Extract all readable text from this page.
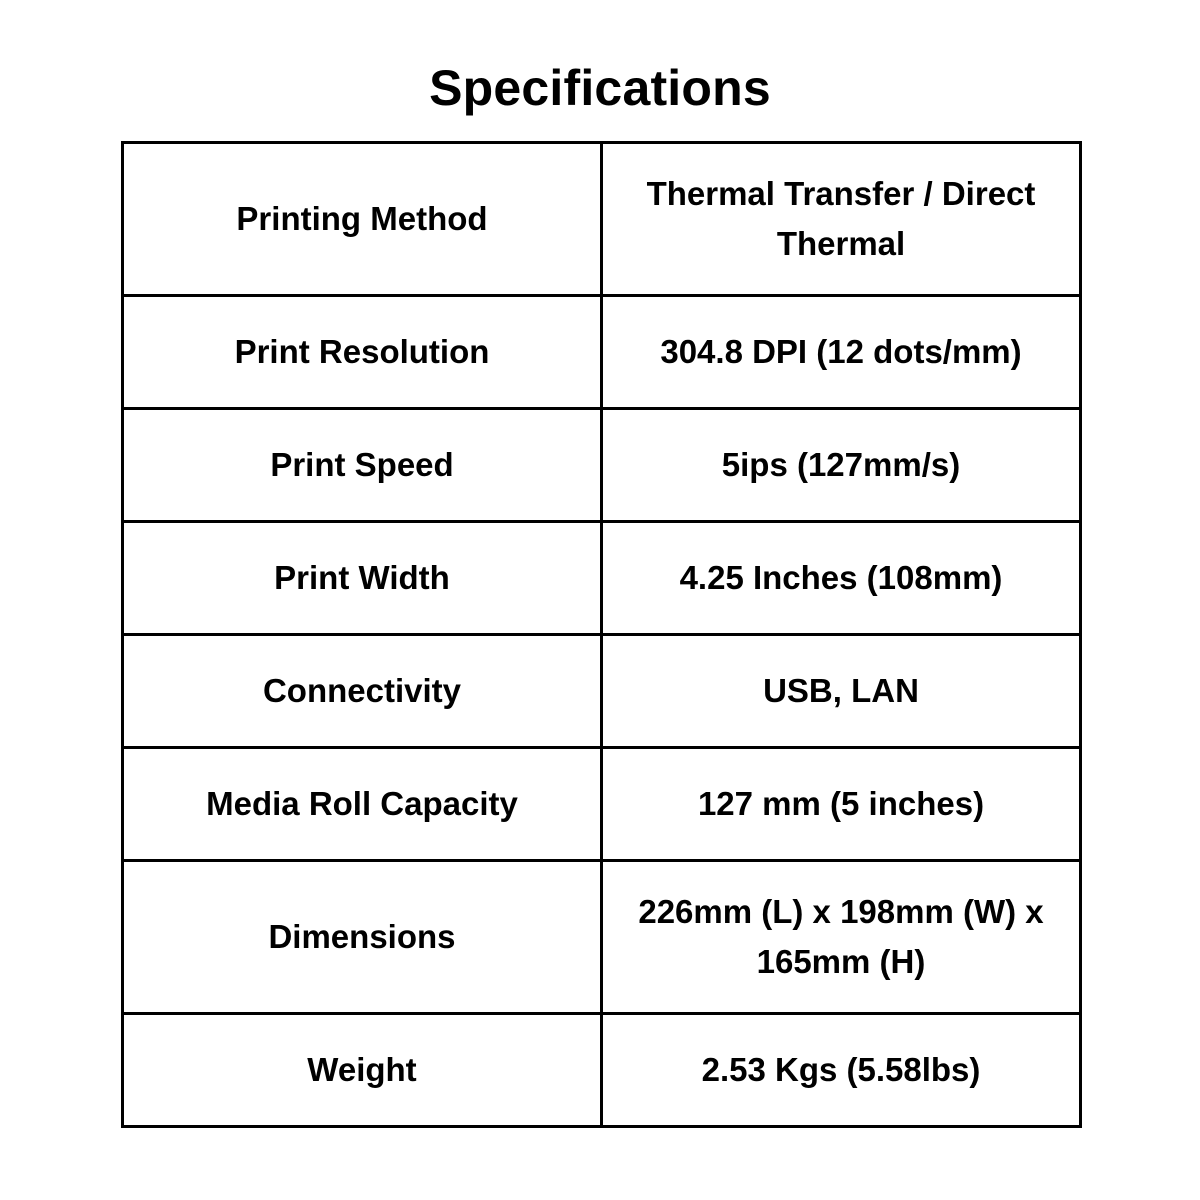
Specifications
Printing Method	Thermal Transfer / Direct Thermal
Print Resolution	304.8 DPI (12 dots/mm)
Print Speed	5ips (127mm/s)
Print Width	4.25 Inches (108mm)
Connectivity	USB, LAN
Media Roll Capacity	127 mm (5 inches)
Dimensions	226mm (L) x 198mm (W) x 165mm (H)
Weight	2.53 Kgs (5.58lbs)
